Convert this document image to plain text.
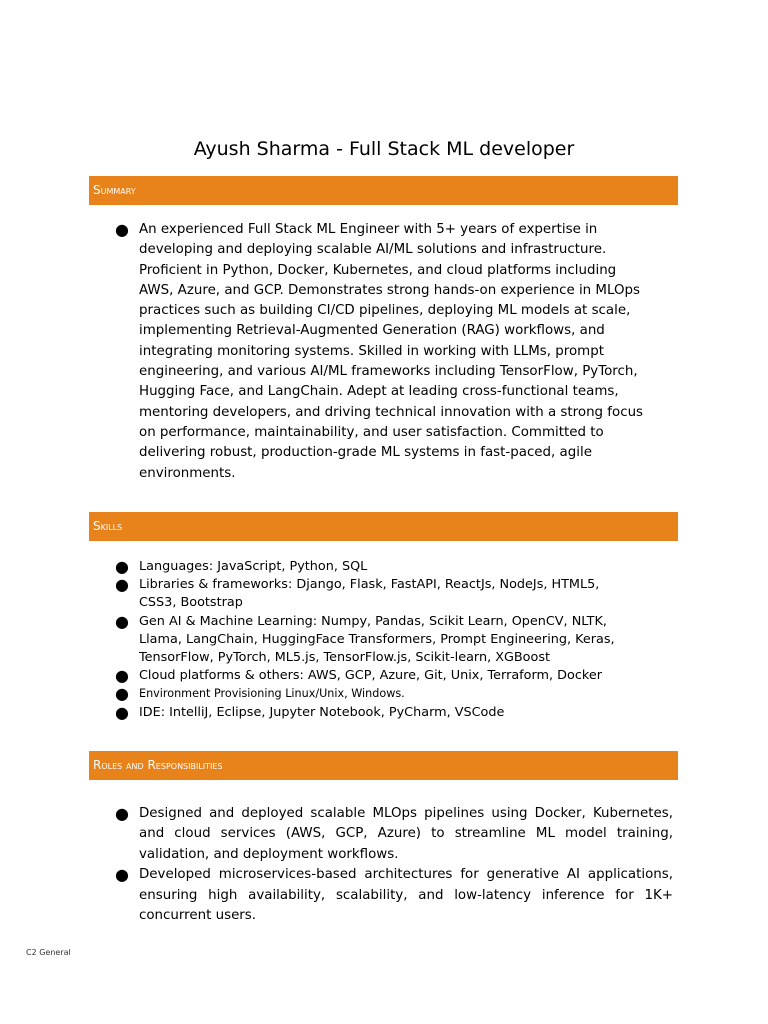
Ayush Sharma - Full Stack ML developer
Summary
● An experienced Full Stack ML Engineer with 5+ years of expertise in developing and deploying scalable AI/ML solutions and infrastructure. Proficient in Python, Docker, Kubernetes, and cloud platforms including AWS, Azure, and GCP. Demonstrates strong hands-on experience in MLOps practices such as building CI/CD pipelines, deploying ML models at scale, implementing Retrieval-Augmented Generation (RAG) workflows, and integrating monitoring systems. Skilled in working with LLMs, prompt engineering, and various AI/ML frameworks including TensorFlow, PyTorch, Hugging Face, and LangChain. Adept at leading cross-functional teams, mentoring developers, and driving technical innovation with a strong focus on performance, maintainability, and user satisfaction. Committed to delivering robust, production-grade ML systems in fast-paced, agile environments.
Skills
● Languages: JavaScript, Python, SQL
● Libraries & frameworks: Django, Flask, FastAPI, ReactJs, NodeJs, HTML5, CSS3, Bootstrap
● Gen AI & Machine Learning: Numpy, Pandas, Scikit Learn, OpenCV, NLTK, Llama, LangChain, HuggingFace Transformers, Prompt Engineering, Keras, TensorFlow, PyTorch, ML5.js, TensorFlow.js, Scikit-learn, XGBoost
● Cloud platforms & others: AWS, GCP, Azure, Git, Unix, Terraform, Docker
● Environment Provisioning Linux/Unix, Windows.
● IDE: IntelliJ, Eclipse, Jupyter Notebook, PyCharm, VSCode
Roles and Responsibilities
● Designed and deployed scalable MLOps pipelines using Docker, Kubernetes, and cloud services (AWS, GCP, Azure) to streamline ML model training, validation, and deployment workflows.
● Developed microservices-based architectures for generative AI applications, ensuring high availability, scalability, and low-latency inference for 1K+ concurrent users.
C2 General
